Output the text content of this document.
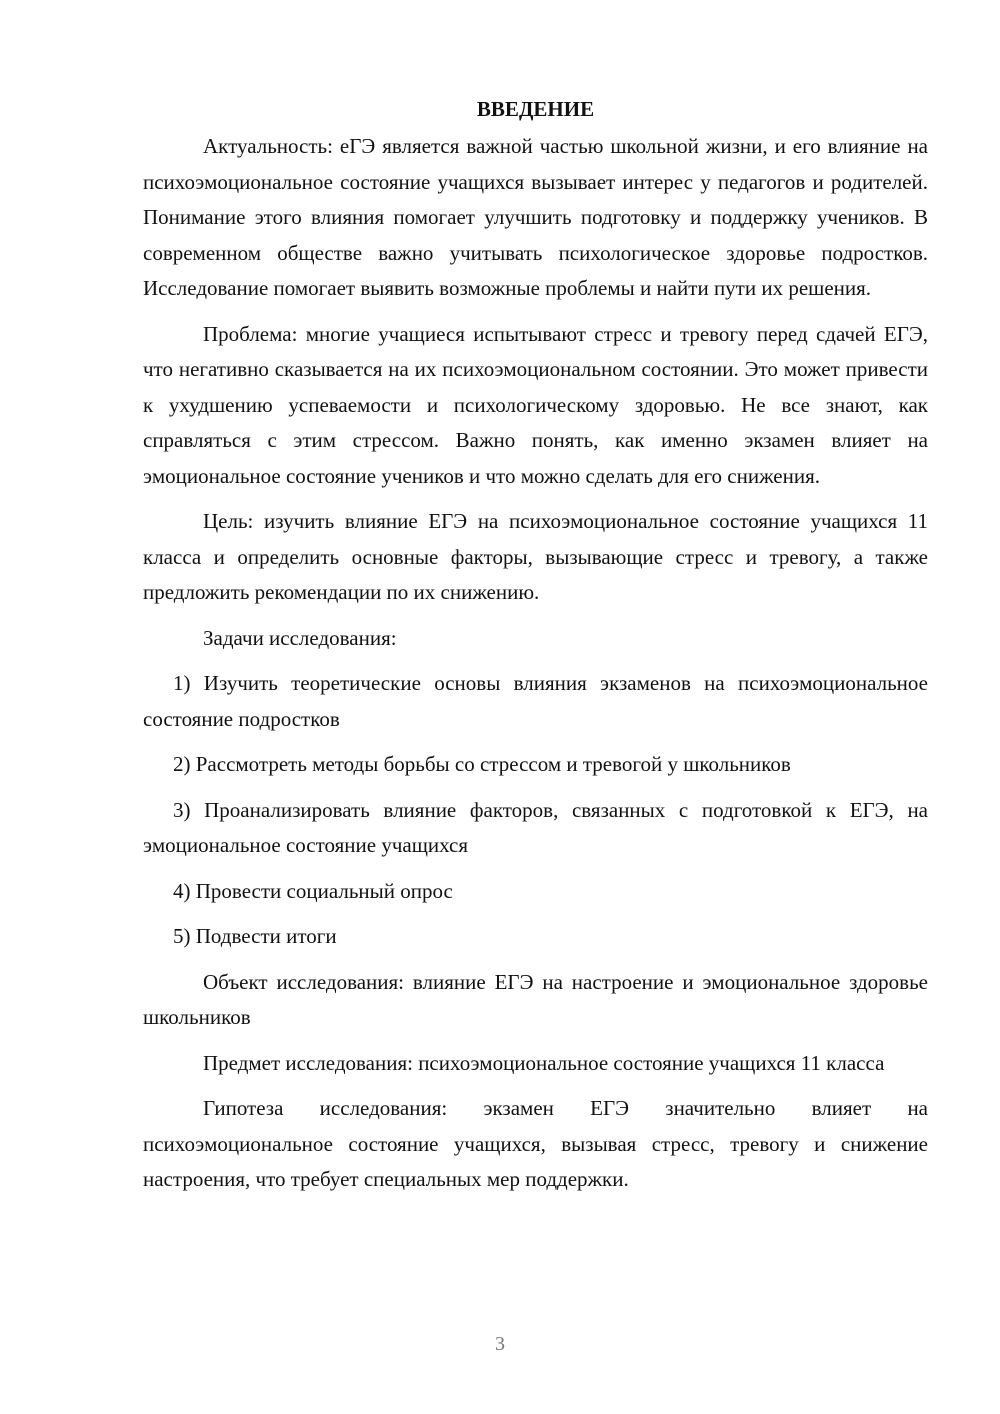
ВВЕДЕНИЕ

Актуальность: еГЭ является важной частью школьной жизни, и его влияние на психоэмоциональное состояние учащихся вызывает интерес у педагогов и родителей. Понимание этого влияния помогает улучшить подготовку и поддержку учеников. В современном обществе важно учитывать психологическое здоровье подростков. Исследование помогает выявить возможные проблемы и найти пути их решения.

Проблема: многие учащиеся испытывают стресс и тревогу перед сдачей ЕГЭ, что негативно сказывается на их психоэмоциональном состоянии. Это может привести к ухудшению успеваемости и психологическому здоровью. Не все знают, как справляться с этим стрессом. Важно понять, как именно экзамен влияет на эмоциональное состояние учеников и что можно сделать для его снижения.

Цель: изучить влияние ЕГЭ на психоэмоциональное состояние учащихся 11 класса и определить основные факторы, вызывающие стресс и тревогу, а также предложить рекомендации по их снижению.

Задачи исследования:

1) Изучить теоретические основы влияния экзаменов на психоэмоциональное состояние подростков

2) Рассмотреть методы борьбы со стрессом и тревогой у школьников

3) Проанализировать влияние факторов, связанных с подготовкой к ЕГЭ, на эмоциональное состояние учащихся

4) Провести социальный опрос

5) Подвести итоги

Объект исследования: влияние ЕГЭ на настроение и эмоциональное здоровье школьников

Предмет исследования: психоэмоциональное состояние учащихся 11 класса

Гипотеза исследования: экзамен ЕГЭ значительно влияет на психоэмоциональное состояние учащихся, вызывая стресс, тревогу и снижение настроения, что требует специальных мер поддержки.

3
